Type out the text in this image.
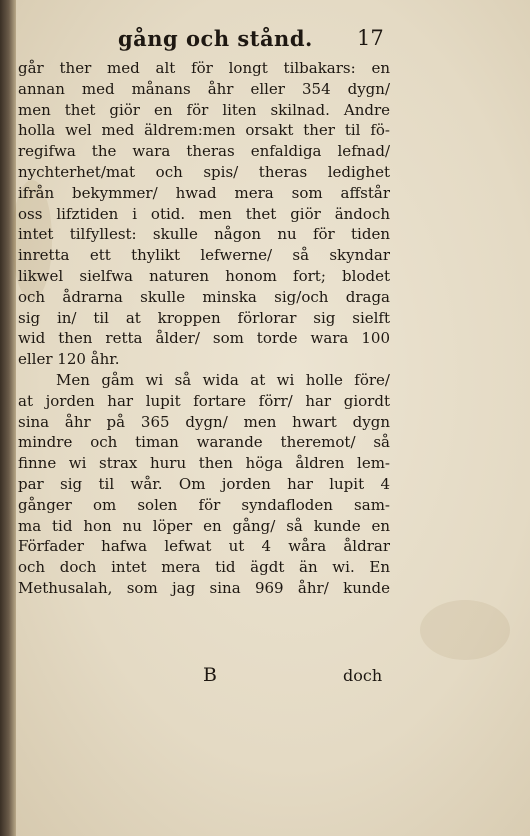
gång och stånd. 17
går ther med alt för longt tilbakars: en
annan med månans åhr eller 354 dygn/
men thet giör en för liten skilnad. Andre
holla wel med äldrem:men orsakt ther til fö-
regifwa the wara theras enfaldiga lefnad/
nychterhet/mat och spis/ theras ledighet
ifrån bekymmer/ hwad mera som affstår
oss lifztiden i otid. men thet giör ändoch
intet tilfyllest: skulle någon nu för tiden
inretta ett thylikt lefwerne/ så skyndar
likwel sielfwa naturen honom fort; blodet
och ådrarna skulle minska sig/och draga
sig in/ til at kroppen förlorar sig sielft
wid then retta ålder/ som torde wara 100
eller 120 åhr.
Men gåm wi så wida at wi holle före/
at jorden har lupit fortare förr/ har giordt
sina åhr på 365 dygn/ men hwart dygn
mindre och timan warande theremot/ så
finne wi strax huru then höga åldren lem-
par sig til wår. Om jorden har lupit 4
gånger om solen för syndafloden sam-
ma tid hon nu löper en gång/ så kunde en
Förfader hafwa lefwat ut 4 wåra åldrar
och doch intet mera tid ägdt än wi. En
Methusalah, som jag sina 969 åhr/ kunde
B	doch
